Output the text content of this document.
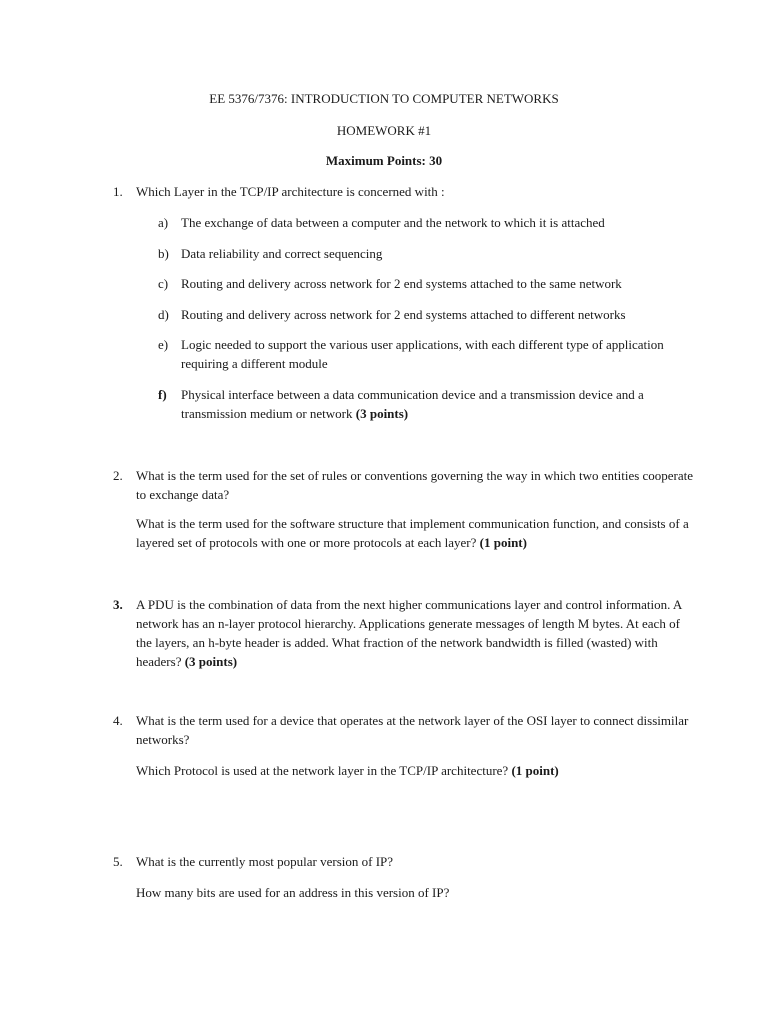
EE 5376/7376: INTRODUCTION TO COMPUTER NETWORKS
HOMEWORK #1
Maximum Points: 30
1. Which Layer in the TCP/IP architecture is concerned with :
a) The exchange of data between a computer and the network to which it is attached
b) Data reliability and correct sequencing
c) Routing and delivery across network for 2 end systems attached to the same network
d) Routing and delivery across network for 2 end systems attached to different networks
e) Logic needed to support the various user applications, with each different type of application requiring a different module
f) Physical interface between a data communication device and a transmission device and a transmission medium or network (3 points)
2. What is the term used for the set of rules or conventions governing the way in which two entities cooperate to exchange data?
What is the term used for the software structure that implement communication function, and consists of a layered set of protocols with one or more protocols at each layer? (1 point)
3. A PDU is the combination of data from the next higher communications layer and control information. A network has an n-layer protocol hierarchy. Applications generate messages of length M bytes. At each of the layers, an h-byte header is added. What fraction of the network bandwidth is filled (wasted) with headers? (3 points)
4. What is the term used for a device that operates at the network layer of the OSI layer to connect dissimilar networks?
Which Protocol is used at the network layer in the TCP/IP architecture? (1 point)
5. What is the currently most popular version of IP?
How many bits are used for an address in this version of IP?
